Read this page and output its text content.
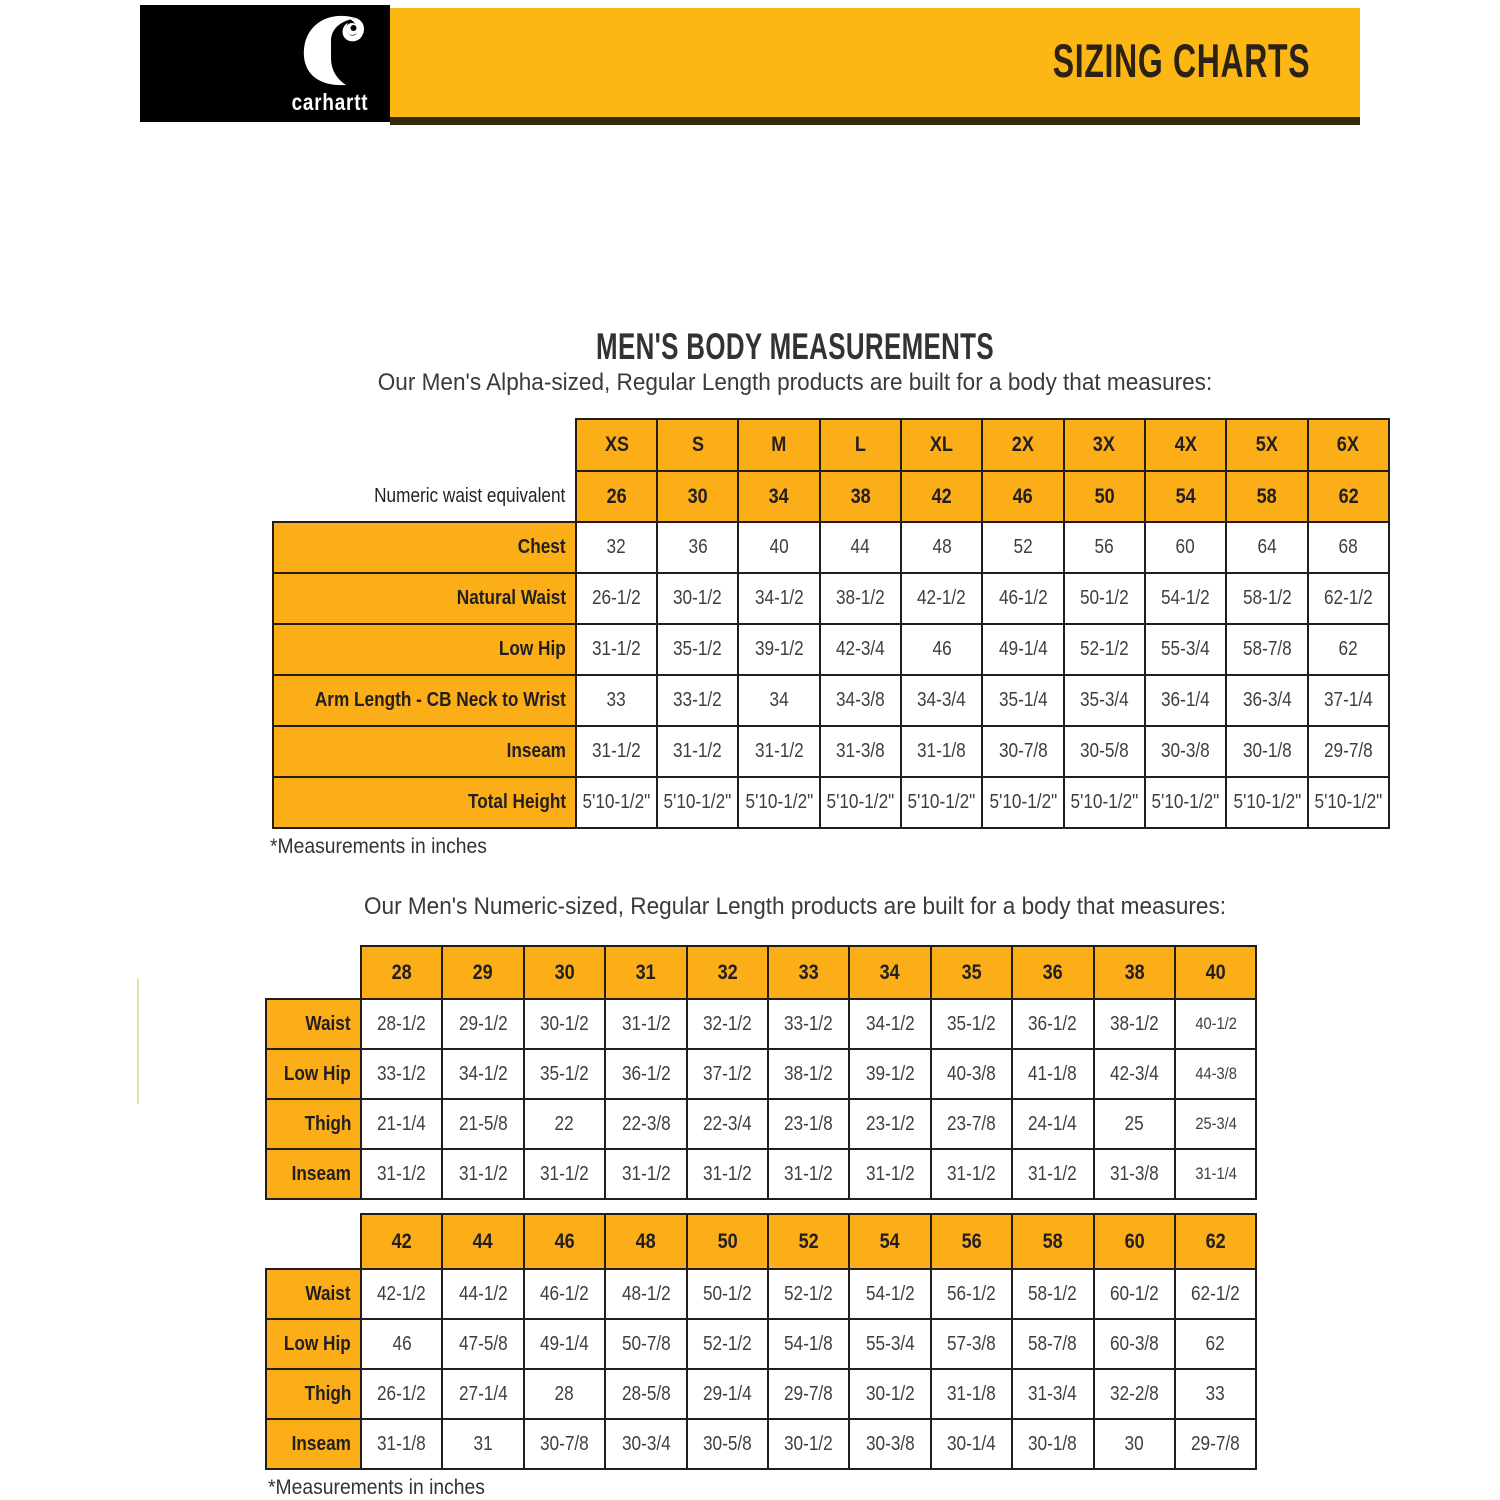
carhartt
SIZING CHARTS
MEN'S BODY MEASUREMENTS
Our Men's Alpha-sized, Regular Length products are built for a body that measures:
	XS	S	M	L	XL	2X	3X	4X	5X	6X
Numeric waist equivalent	26	30	34	38	42	46	50	54	58	62
Chest	32	36	40	44	48	52	56	60	64	68
Natural Waist	26-1/2	30-1/2	34-1/2	38-1/2	42-1/2	46-1/2	50-1/2	54-1/2	58-1/2	62-1/2
Low Hip	31-1/2	35-1/2	39-1/2	42-3/4	46	49-1/4	52-1/2	55-3/4	58-7/8	62
Arm Length - CB Neck to Wrist	33	33-1/2	34	34-3/8	34-3/4	35-1/4	35-3/4	36-1/4	36-3/4	37-1/4
Inseam	31-1/2	31-1/2	31-1/2	31-3/8	31-1/8	30-7/8	30-5/8	30-3/8	30-1/8	29-7/8
Total Height	5'10-1/2"	5'10-1/2"	5'10-1/2"	5'10-1/2"	5'10-1/2"	5'10-1/2"	5'10-1/2"	5'10-1/2"	5'10-1/2"	5'10-1/2"
*Measurements in inches
Our Men's Numeric-sized, Regular Length products are built for a body that measures:
	28	29	30	31	32	33	34	35	36	38	40
Waist	28-1/2	29-1/2	30-1/2	31-1/2	32-1/2	33-1/2	34-1/2	35-1/2	36-1/2	38-1/2	40-1/2
Low Hip	33-1/2	34-1/2	35-1/2	36-1/2	37-1/2	38-1/2	39-1/2	40-3/8	41-1/8	42-3/4	44-3/8
Thigh	21-1/4	21-5/8	22	22-3/8	22-3/4	23-1/8	23-1/2	23-7/8	24-1/4	25	25-3/4
Inseam	31-1/2	31-1/2	31-1/2	31-1/2	31-1/2	31-1/2	31-1/2	31-1/2	31-1/2	31-3/8	31-1/4
	42	44	46	48	50	52	54	56	58	60	62
Waist	42-1/2	44-1/2	46-1/2	48-1/2	50-1/2	52-1/2	54-1/2	56-1/2	58-1/2	60-1/2	62-1/2
Low Hip	46	47-5/8	49-1/4	50-7/8	52-1/2	54-1/8	55-3/4	57-3/8	58-7/8	60-3/8	62
Thigh	26-1/2	27-1/4	28	28-5/8	29-1/4	29-7/8	30-1/2	31-1/8	31-3/4	32-2/8	33
Inseam	31-1/8	31	30-7/8	30-3/4	30-5/8	30-1/2	30-3/8	30-1/4	30-1/8	30	29-7/8
*Measurements in inches
